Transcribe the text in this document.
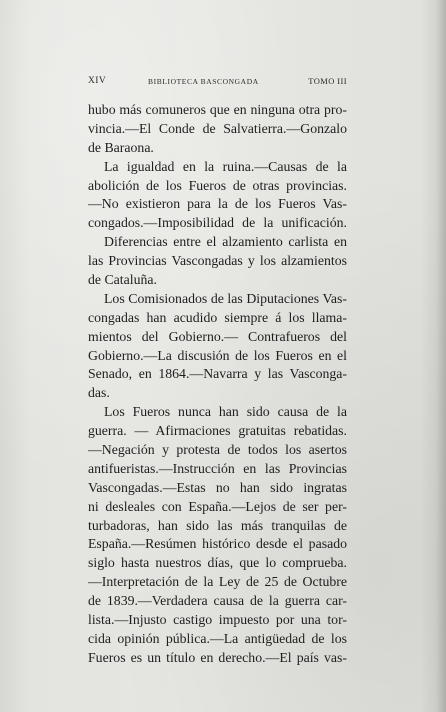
XIV	BIBLIOTECA BASCONGADA	TOMO III
hubo más comuneros que en ninguna otra pro-
vincia.—El Conde de Salvatierra.—Gonzalo
de Baraona.
La igualdad en la ruina.—Causas de la
abolición de los Fueros de otras provincias.
—No existieron para la de los Fueros Vas-
congados.—Imposibilidad de la unificación.
Diferencias entre el alzamiento carlista en
las Provincias Vascongadas y los alzamientos
de Cataluña.
Los Comisionados de las Diputaciones Vas-
congadas han acudido siempre á los llama-
mientos del Gobierno.— Contrafueros del
Gobierno.—La discusión de los Fueros en el
Senado, en 1864.—Navarra y las Vasconga-
das.
Los Fueros nunca han sido causa de la
guerra. — Afirmaciones gratuitas rebatidas.
—Negación y protesta de todos los asertos
antifueristas.—Instrucción en las Provincias
Vascongadas.—Estas no han sido ingratas
ni desleales con España.—Lejos de ser per-
turbadoras, han sido las más tranquilas de
España.—Resúmen histórico desde el pasado
siglo hasta nuestros días, que lo comprueba.
—Interpretación de la Ley de 25 de Octubre
de 1839.—Verdadera causa de la guerra car-
lista.—Injusto castigo impuesto por una tor-
cida opinión pública.—La antigüedad de los
Fueros es un título en derecho.—El país vas-
